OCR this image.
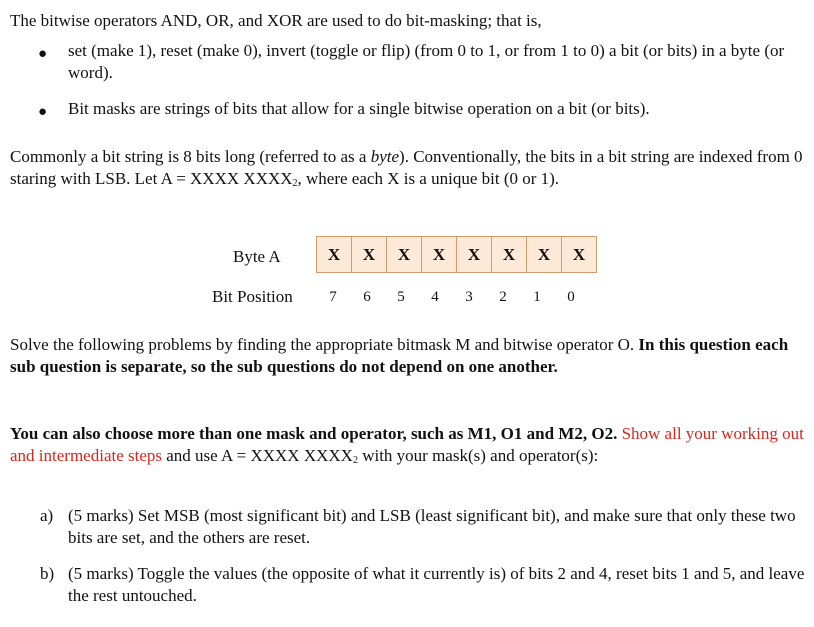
The bitwise operators AND, OR, and XOR are used to do bit-masking; that is,
● set (make 1), reset (make 0), invert (toggle or flip) (from 0 to 1, or from 1 to 0) a bit (or bits) in a byte (or word).
● Bit masks are strings of bits that allow for a single bitwise operation on a bit (or bits).
Commonly a bit string is 8 bits long (referred to as a byte). Conventionally, the bits in a bit string are indexed from 0 staring with LSB. Let A = XXXX $XXXX_2$, where each X is a unique bit (0 or 1).
Byte A	X	X	X	X	X	X	X	X
Bit Position	7	6	5	4	3	2	1	0
Solve the following problems by finding the appropriate bitmask M and bitwise operator O. In this question each sub question is separate, so the sub questions do not depend on one another.
You can also choose more than one mask and operator, such as M1, O1 and M2, O2. Show all your working out and intermediate steps and use A = XXXX $XXXX_2$ with your mask(s) and operator(s):
a) (5 marks) Set MSB (most significant bit) and LSB (least significant bit), and make sure that only these two bits are set, and the others are reset.
b) (5 marks) Toggle the values (the opposite of what it currently is) of bits 2 and 4, reset bits 1 and 5, and leave the rest untouched.
